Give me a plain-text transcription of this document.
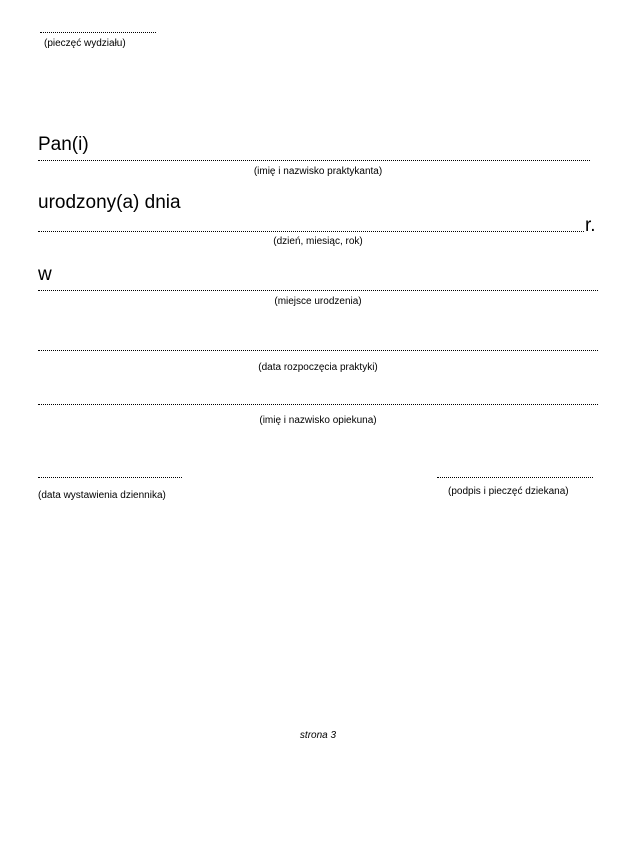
(pieczęć wydziału)
Pan(i)
(imię i nazwisko praktykanta)
urodzony(a) dnia
r.
(dzień, miesiąc, rok)
w
(miejsce urodzenia)
(data rozpoczęcia praktyki)
(imię i nazwisko opiekuna)
(data wystawienia dziennika)	(podpis i pieczęć dziekana)
strona 3
